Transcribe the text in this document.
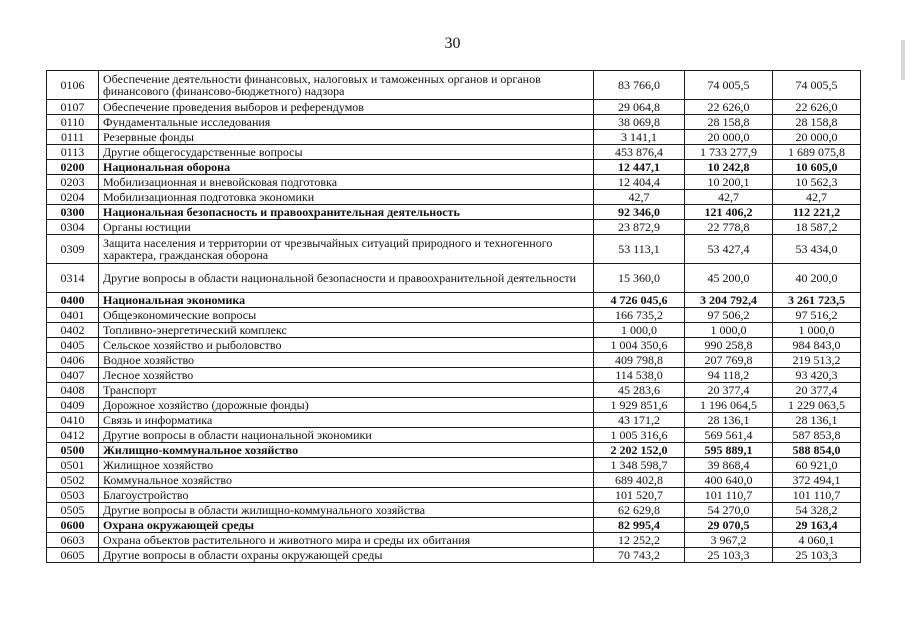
30
0106	Обеспечение деятельности финансовых, налоговых и таможенных органов и органов финансового (финансово-бюджетного) надзора	83 766,0	74 005,5	74 005,5
0107	Обеспечение проведения выборов и референдумов	29 064,8	22 626,0	22 626,0
0110	Фундаментальные исследования	38 069,8	28 158,8	28 158,8
0111	Резервные фонды	3 141,1	20 000,0	20 000,0
0113	Другие общегосударственные вопросы	453 876,4	1 733 277,9	1 689 075,8
0200	Национальная оборона	12 447,1	10 242,8	10 605,0
0203	Мобилизационная и вневойсковая подготовка	12 404,4	10 200,1	10 562,3
0204	Мобилизационная подготовка экономики	42,7	42,7	42,7
0300	Национальная безопасность и правоохранительная деятельность	92 346,0	121 406,2	112 221,2
0304	Органы юстиции	23 872,9	22 778,8	18 587,2
0309	Защита населения и территории от чрезвычайных ситуаций природного и техногенного характера, гражданская оборона	53 113,1	53 427,4	53 434,0
0314	Другие вопросы в области национальной безопасности и правоохранительной деятельности	15 360,0	45 200,0	40 200,0
0400	Национальная экономика	4 726 045,6	3 204 792,4	3 261 723,5
0401	Общеэкономические вопросы	166 735,2	97 506,2	97 516,2
0402	Топливно-энергетический комплекс	1 000,0	1 000,0	1 000,0
0405	Сельское хозяйство и рыболовство	1 004 350,6	990 258,8	984 843,0
0406	Водное хозяйство	409 798,8	207 769,8	219 513,2
0407	Лесное хозяйство	114 538,0	94 118,2	93 420,3
0408	Транспорт	45 283,6	20 377,4	20 377,4
0409	Дорожное хозяйство (дорожные фонды)	1 929 851,6	1 196 064,5	1 229 063,5
0410	Связь и информатика	43 171,2	28 136,1	28 136,1
0412	Другие вопросы в области национальной экономики	1 005 316,6	569 561,4	587 853,8
0500	Жилищно-коммунальное хозяйство	2 202 152,0	595 889,1	588 854,0
0501	Жилищное хозяйство	1 348 598,7	39 868,4	60 921,0
0502	Коммунальное хозяйство	689 402,8	400 640,0	372 494,1
0503	Благоустройство	101 520,7	101 110,7	101 110,7
0505	Другие вопросы в области жилищно-коммунального хозяйства	62 629,8	54 270,0	54 328,2
0600	Охрана окружающей среды	82 995,4	29 070,5	29 163,4
0603	Охрана объектов растительного и животного мира и среды их обитания	12 252,2	3 967,2	4 060,1
0605	Другие вопросы в области охраны окружающей среды	70 743,2	25 103,3	25 103,3
